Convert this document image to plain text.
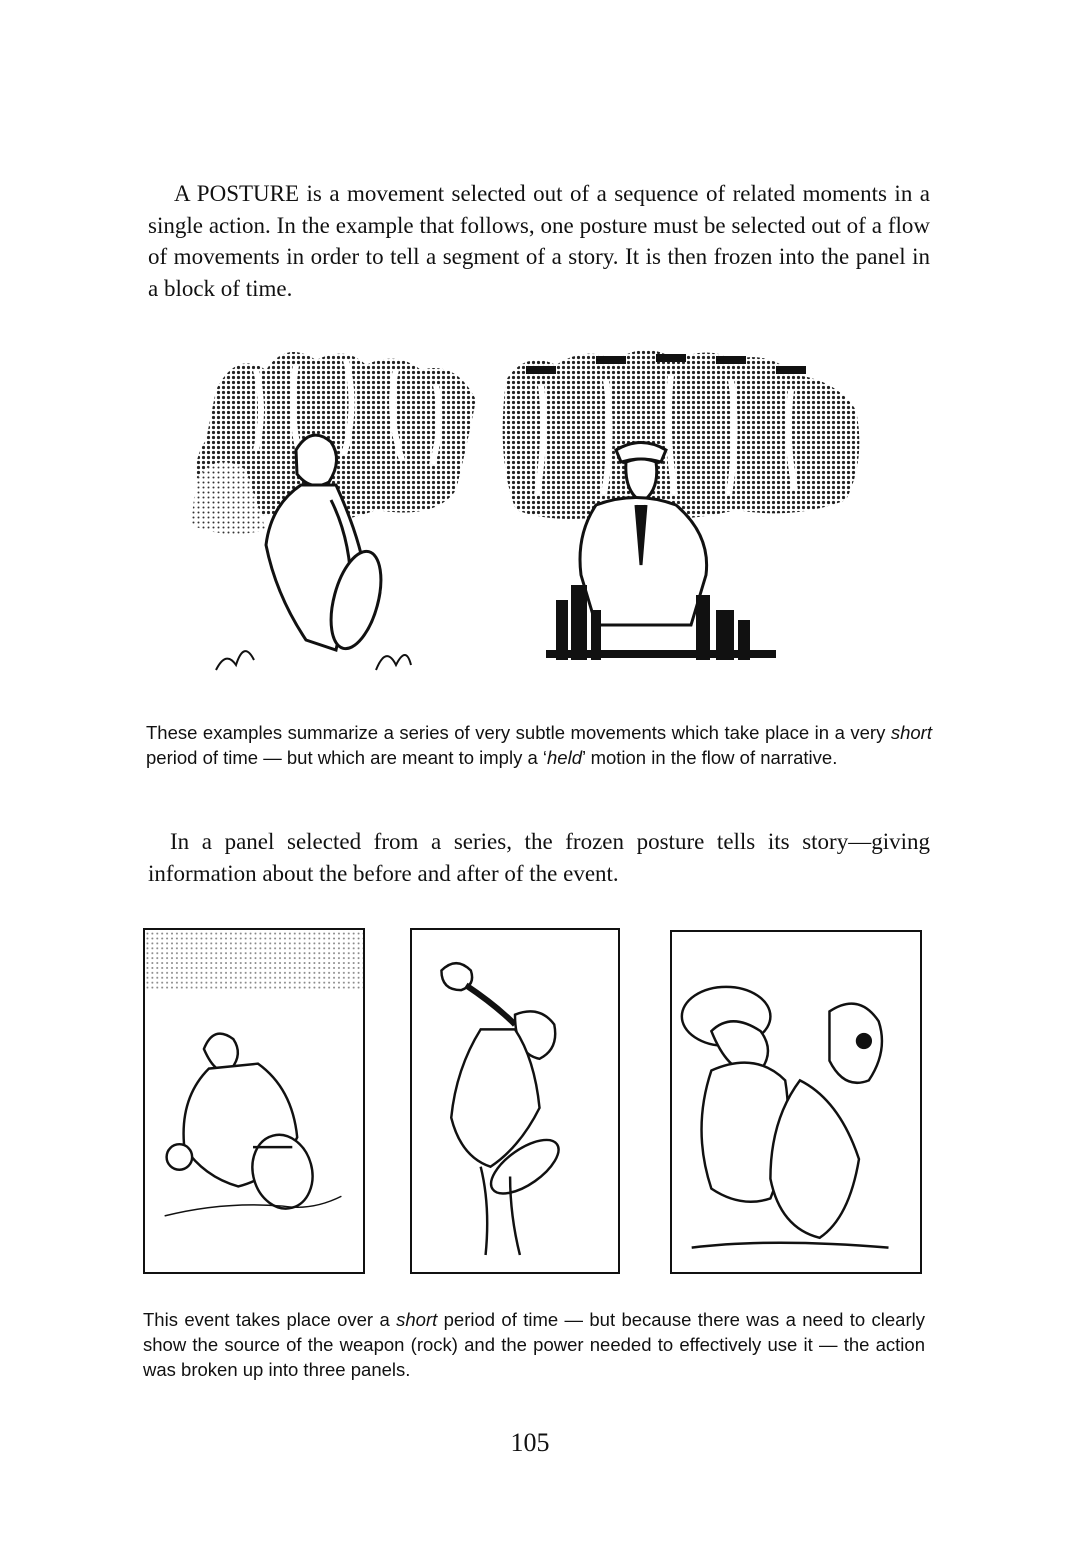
A POSTURE is a movement selected out of a sequence of related moments in a single action. In the example that follows, one posture must be selected out of a flow of movements in order to tell a segment of a story. It is then frozen into the panel in a block of time.

These examples summarize a series of very subtle movements which take place in a very short period of time — but which are meant to imply a ‘held’ motion in the flow of narrative.

In a panel selected from a series, the frozen posture tells its story—giving information about the before and after of the event.

This event takes place over a short period of time — but because there was a need to clearly show the source of the weapon (rock) and the power needed to effectively use it — the action was broken up into three panels.

105
